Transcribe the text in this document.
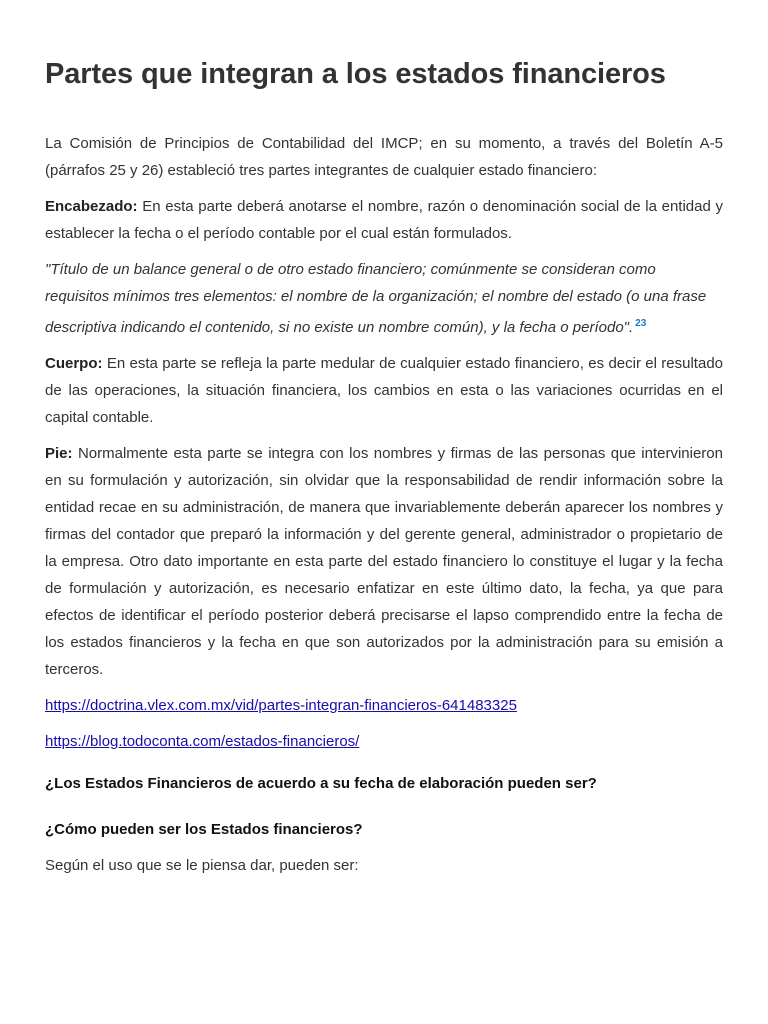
Partes que integran a los estados financieros

La Comisión de Principios de Contabilidad del IMCP; en su momento, a través del Boletín A-5 (párrafos 25 y 26) estableció tres partes integrantes de cualquier estado financiero:

Encabezado: En esta parte deberá anotarse el nombre, razón o denominación social de la entidad y establecer la fecha o el período contable por el cual están formulados.

"Título de un balance general o de otro estado financiero; comúnmente se consideran como requisitos mínimos tres elementos: el nombre de la organización; el nombre del estado (o una frase descriptiva indicando el contenido, si no existe un nombre común), y la fecha o período". $^{23}$

Cuerpo: En esta parte se refleja la parte medular de cualquier estado financiero, es decir el resultado de las operaciones, la situación financiera, los cambios en esta o las variaciones ocurridas en el capital contable.

Pie: Normalmente esta parte se integra con los nombres y firmas de las personas que intervinieron en su formulación y autorización, sin olvidar que la responsabilidad de rendir información sobre la entidad recae en su administración, de manera que invariablemente deberán aparecer los nombres y firmas del contador que preparó la información y del gerente general, administrador o propietario de la empresa. Otro dato importante en esta parte del estado financiero lo constituye el lugar y la fecha de formulación y autorización, es necesario enfatizar en este último dato, la fecha, ya que para efectos de identificar el período posterior deberá precisarse el lapso comprendido entre la fecha de los estados financieros y la fecha en que son autorizados por la administración para su emisión a terceros.

https://doctrina.vlex.com.mx/vid/partes-integran-financieros-641483325

https://blog.todoconta.com/estados-financieros/

¿Los Estados Financieros de acuerdo a su fecha de elaboración pueden ser?

¿Cómo pueden ser los Estados financieros?

Según el uso que se le piensa dar, pueden ser:
